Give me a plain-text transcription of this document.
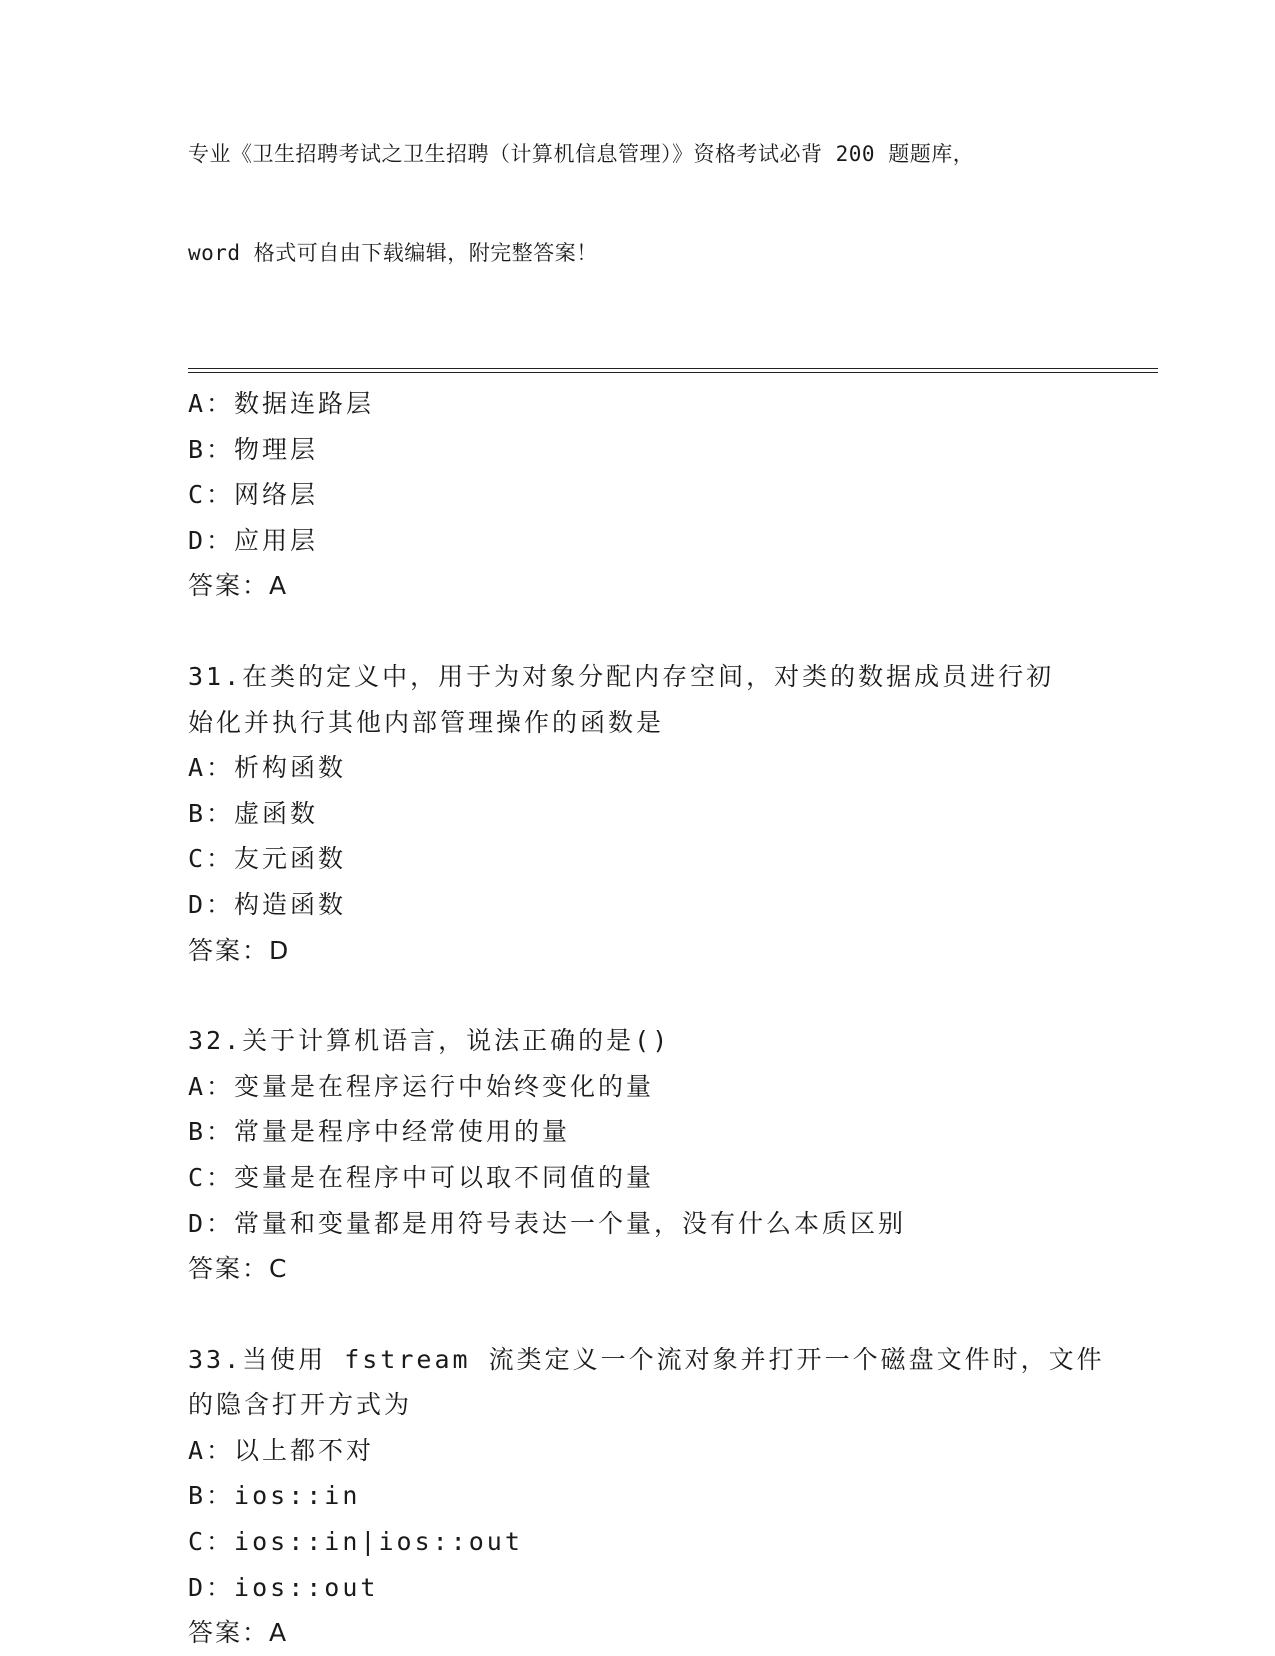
专业《卫生招聘考试之卫生招聘（计算机信息管理）》资格考试必背 200 题题库，

word 格式可自由下载编辑，附完整答案！

A：数据连路层
B：物理层
C：网络层
D：应用层
答案：A
31.在类的定义中，用于为对象分配内存空间，对类的数据成员进行初
始化并执行其他内部管理操作的函数是
A：析构函数
B：虚函数
C：友元函数
D：构造函数
答案：D
32.关于计算机语言，说法正确的是()
A：变量是在程序运行中始终变化的量
B：常量是程序中经常使用的量
C：变量是在程序中可以取不同值的量
D：常量和变量都是用符号表达一个量，没有什么本质区别
答案：C
33.当使用 fstream 流类定义一个流对象并打开一个磁盘文件时，文件
的隐含打开方式为
A：以上都不对
B：ios::in
C：ios::in|ios::out
D：ios::out
答案：A
